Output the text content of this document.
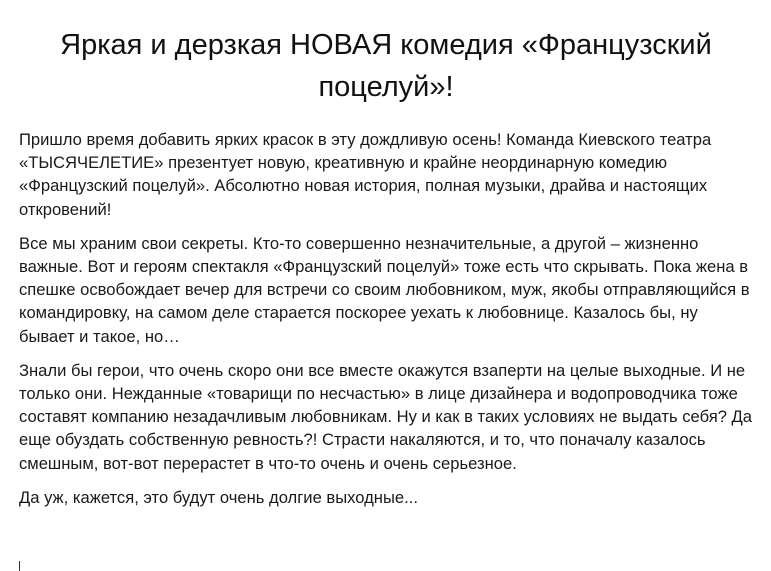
Яркая и дерзкая НОВАЯ комедия «Французский поцелуй»!

Пришло время добавить ярких красок в эту дождливую осень! Команда Киевского театра «ТЫСЯЧЕЛЕТИЕ» презентует новую, креативную и крайне неординарную комедию «Французский поцелуй». Абсолютно новая история, полная музыки, драйва и настоящих откровений!

Все мы храним свои секреты. Кто-то совершенно незначительные, а другой – жизненно важные. Вот и героям спектакля «Французский поцелуй» тоже есть что скрывать. Пока жена в спешке освобождает вечер для встречи со своим любовником, муж, якобы отправляющийся в командировку, на самом деле старается поскорее уехать к любовнице. Казалось бы, ну бывает и такое, но…

Знали бы герои, что очень скоро они все вместе окажутся взаперти на целые выходные. И не только они. Нежданные «товарищи по несчастью» в лице дизайнера и водопроводчика тоже составят компанию незадачливым любовникам. Ну и как в таких условиях не выдать себя? Да еще обуздать собственную ревность?! Страсти накаляются, и то, что поначалу казалось смешным, вот-вот перерастет в что-то очень и очень серьезное.

Да уж, кажется, это будут очень долгие выходные...
